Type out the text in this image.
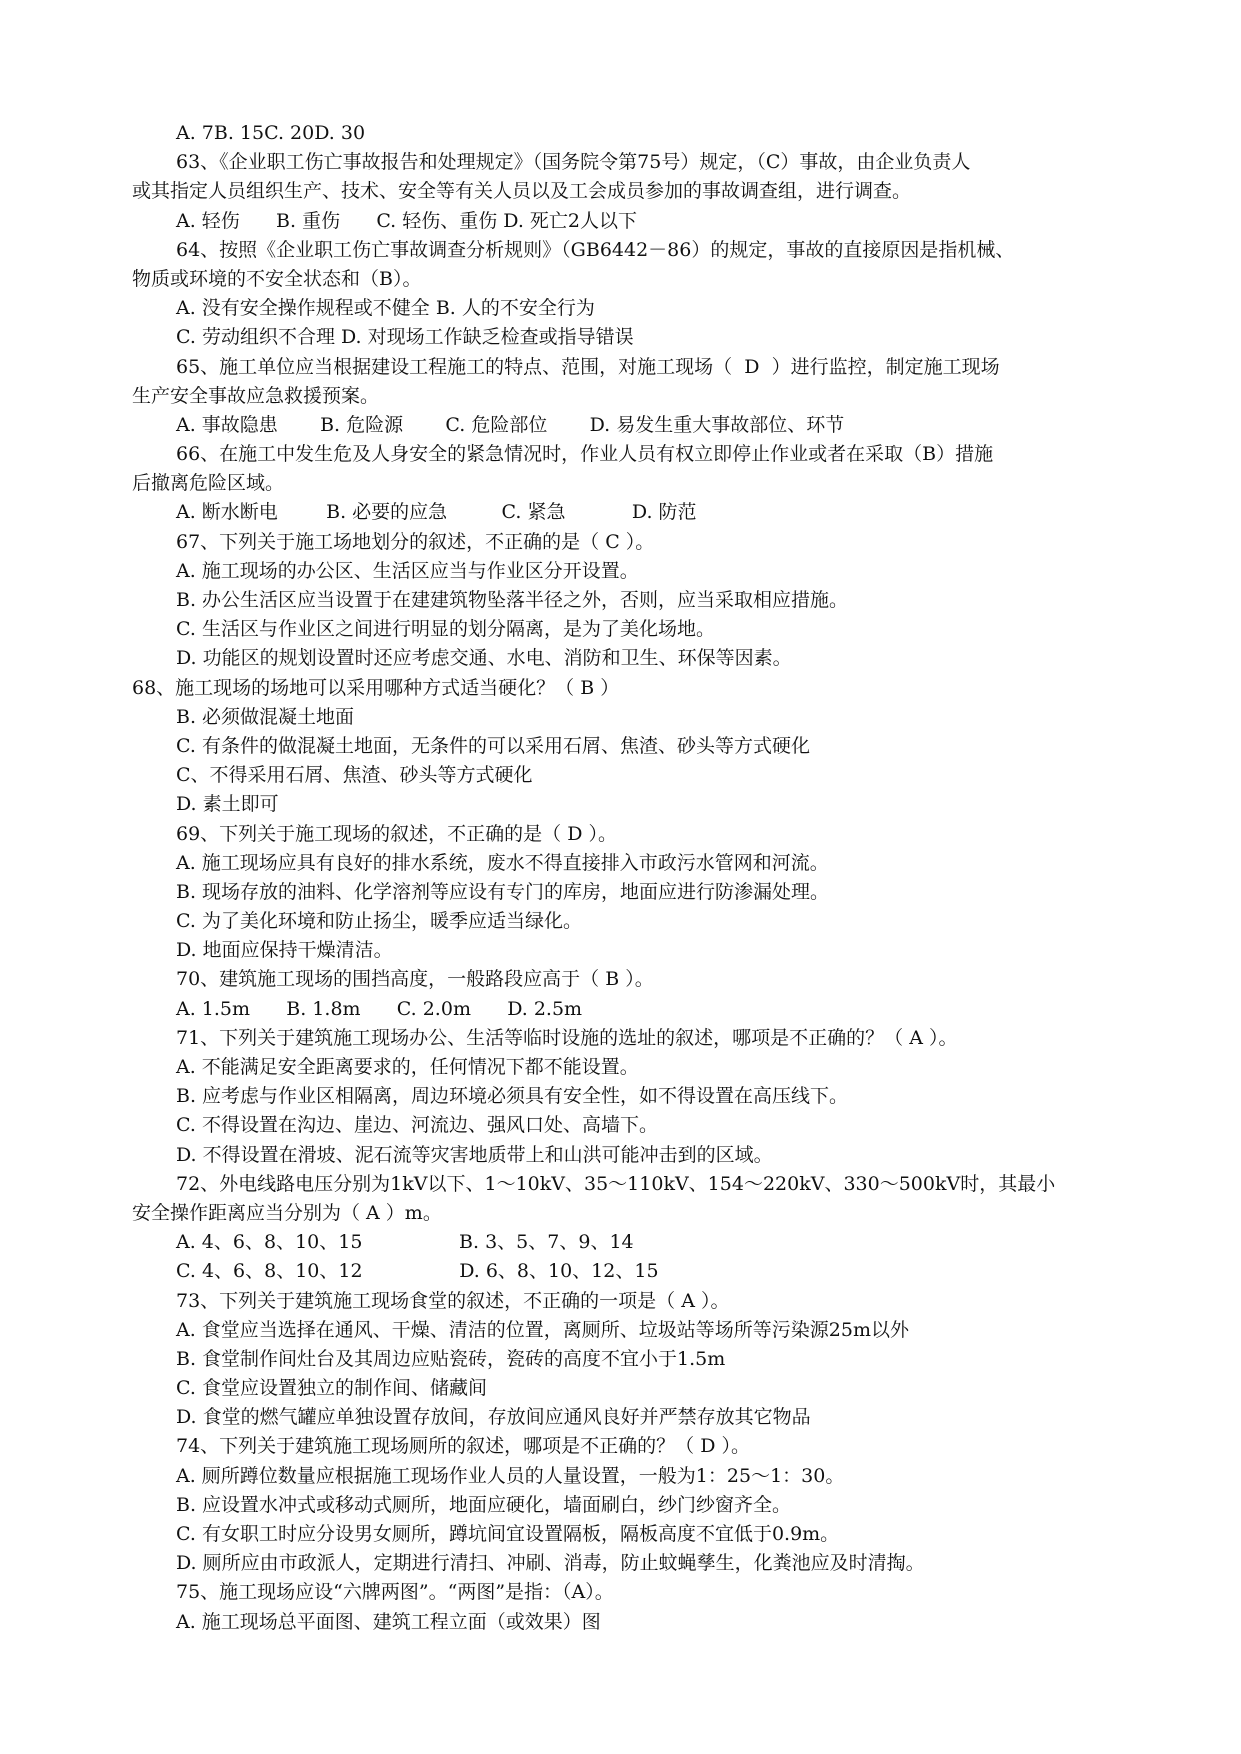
A. 7B. 15C. 20D. 30
63、《企业职工伤亡事故报告和处理规定》（国务院令第75号）规定，（C）事故，由企业负责人
或其指定人员组织生产、技术、安全等有关人员以及工会成员参加的事故调查组，进行调查。
A. 轻伤      B. 重伤      C. 轻伤、重伤 D. 死亡2人以下
64、按照《企业职工伤亡事故调查分析规则》（GB6442－86）的规定，事故的直接原因是指机械、
物质或环境的不安全状态和（B）。
A. 没有安全操作规程或不健全 B. 人的不安全行为
C. 劳动组织不合理 D. 对现场工作缺乏检查或指导错误
65、施工单位应当根据建设工程施工的特点、范围，对施工现场（  D  ）进行监控，制定施工现场
生产安全事故应急救援预案。
A. 事故隐患       B. 危险源       C. 危险部位       D. 易发生重大事故部位、环节
66、在施工中发生危及人身安全的紧急情况时，作业人员有权立即停止作业或者在采取（B）措施
后撤离危险区域。
A. 断水断电        B. 必要的应急         C. 紧急           D. 防范
67、下列关于施工场地划分的叙述，不正确的是（ C ）。
A. 施工现场的办公区、生活区应当与作业区分开设置。
B. 办公生活区应当设置于在建建筑物坠落半径之外，否则，应当采取相应措施。
C. 生活区与作业区之间进行明显的划分隔离，是为了美化场地。
D. 功能区的规划设置时还应考虑交通、水电、消防和卫生、环保等因素。
68、施工现场的场地可以采用哪种方式适当硬化？（ B ）
B. 必须做混凝土地面
C. 有条件的做混凝土地面，无条件的可以采用石屑、焦渣、砂头等方式硬化
C、不得采用石屑、焦渣、砂头等方式硬化
D. 素土即可
69、下列关于施工现场的叙述，不正确的是（ D ）。
A. 施工现场应具有良好的排水系统，废水不得直接排入市政污水管网和河流。
B. 现场存放的油料、化学溶剂等应设有专门的库房，地面应进行防渗漏处理。
C. 为了美化环境和防止扬尘，暖季应适当绿化。
D. 地面应保持干燥清洁。
70、建筑施工现场的围挡高度，一般路段应高于（ B ）。
A. 1.5m      B. 1.8m      C. 2.0m      D. 2.5m
71、下列关于建筑施工现场办公、生活等临时设施的选址的叙述，哪项是不正确的？（ A ）。
A. 不能满足安全距离要求的，任何情况下都不能设置。
B. 应考虑与作业区相隔离，周边环境必须具有安全性，如不得设置在高压线下。
C. 不得设置在沟边、崖边、河流边、强风口处、高墙下。
D. 不得设置在滑坡、泥石流等灾害地质带上和山洪可能冲击到的区域。
72、外电线路电压分别为1kV以下、1～10kV、35～110kV、154～220kV、330～500kV时，其最小
安全操作距离应当分别为（ A ）m。
A. 4、6、8、10、15                B. 3、5、7、9、14
C. 4、6、8、10、12                D. 6、8、10、12、15
73、下列关于建筑施工现场食堂的叙述，不正确的一项是（ A ）。
A. 食堂应当选择在通风、干燥、清洁的位置，离厕所、垃圾站等场所等污染源25m以外
B. 食堂制作间灶台及其周边应贴瓷砖，瓷砖的高度不宜小于1.5m
C. 食堂应设置独立的制作间、储藏间
D. 食堂的燃气罐应单独设置存放间，存放间应通风良好并严禁存放其它物品
74、下列关于建筑施工现场厕所的叙述，哪项是不正确的？（ D ）。
A. 厕所蹲位数量应根据施工现场作业人员的人量设置，一般为1：25～1：30。
B. 应设置水冲式或移动式厕所，地面应硬化，墙面刷白，纱门纱窗齐全。
C. 有女职工时应分设男女厕所，蹲坑间宜设置隔板，隔板高度不宜低于0.9m。
D. 厕所应由市政派人，定期进行清扫、冲刷、消毒，防止蚊蝇孳生，化粪池应及时清掏。
75、施工现场应设“六牌两图”。“两图”是指：（A）。
A. 施工现场总平面图、建筑工程立面（或效果）图
